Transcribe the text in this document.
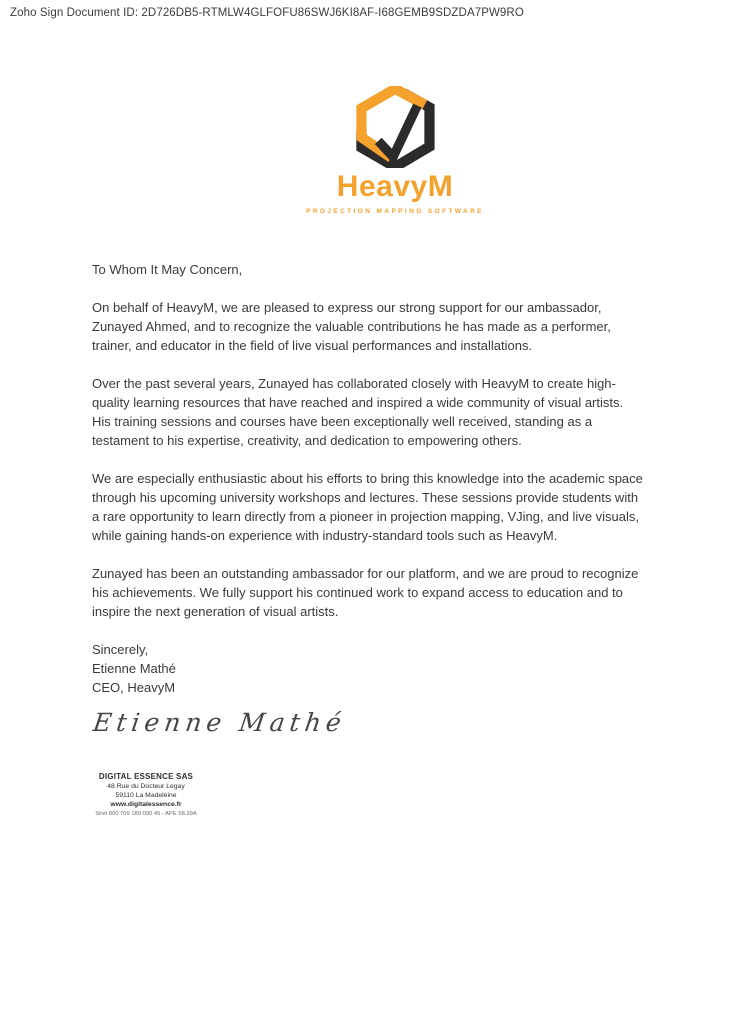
Zoho Sign Document ID: 2D726DB5-RTMLW4GLFOFU86SWJ6KI8AF-I68GEMB9SDZDA7PW9RO
HeavyM
PROJECTION MAPPING SOFTWARE
To Whom It May Concern,
On behalf of HeavyM, we are pleased to express our strong support for our ambassador,
Zunayed Ahmed, and to recognize the valuable contributions he has made as a performer,
trainer, and educator in the field of live visual performances and installations.
Over the past several years, Zunayed has collaborated closely with HeavyM to create high-
quality learning resources that have reached and inspired a wide community of visual artists.
His training sessions and courses have been exceptionally well received, standing as a
testament to his expertise, creativity, and dedication to empowering others.
We are especially enthusiastic about his efforts to bring this knowledge into the academic space
through his upcoming university workshops and lectures. These sessions provide students with
a rare opportunity to learn directly from a pioneer in projection mapping, VJing, and live visuals,
while gaining hands-on experience with industry-standard tools such as HeavyM.
Zunayed has been an outstanding ambassador for our platform, and we are proud to recognize
his achievements. We fully support his continued work to expand access to education and to
inspire the next generation of visual artists.
Sincerely,
Etienne Mathé
CEO, HeavyM
Etienne Mathé
DIGITAL ESSENCE SAS
48 Rue du Docteur Legay
59110 La Madeleine
www.digitalessence.fr
Siret 800 709 180 000 45 - APE 58.29A
